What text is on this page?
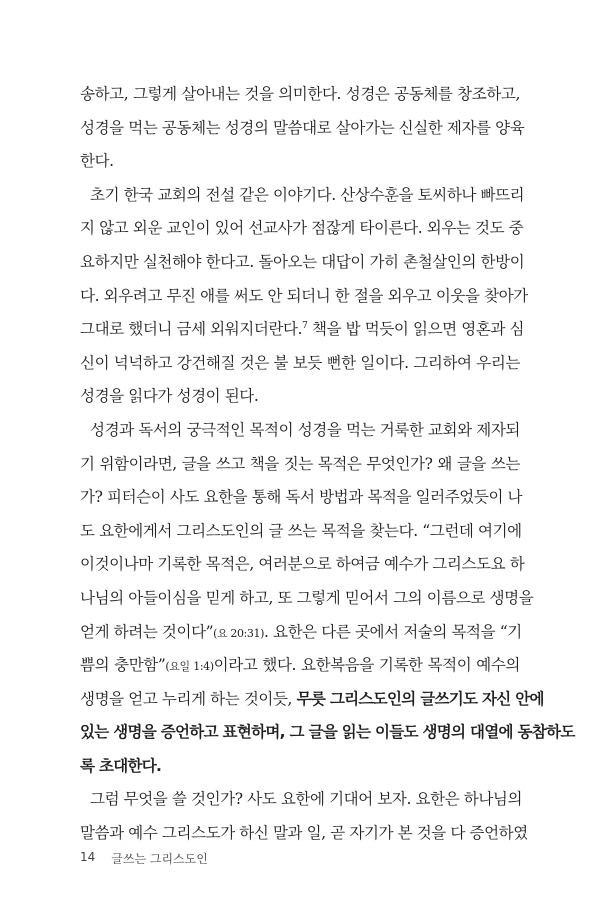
송하고, 그렇게 살아내는 것을 의미한다. 성경은 공동체를 창조하고,
성경을 먹는 공동체는 성경의 말씀대로 살아가는 신실한 제자를 양육
한다.
초기 한국 교회의 전설 같은 이야기다. 산상수훈을 토씨하나 빠뜨리
지 않고 외운 교인이 있어 선교사가 점잖게 타이른다. 외우는 것도 중
요하지만 실천해야 한다고. 돌아오는 대답이 가히 촌철살인의 한방이
다. 외우려고 무진 애를 써도 안 되더니 한 절을 외우고 이웃을 찾아가
그대로 했더니 금세 외워지더란다.$^7$ 책을 밥 먹듯이 읽으면 영혼과 심
신이 넉넉하고 강건해질 것은 불 보듯 뻔한 일이다. 그리하여 우리는
성경을 읽다가 성경이 된다.
성경과 독서의 궁극적인 목적이 성경을 먹는 거룩한 교회와 제자되
기 위함이라면, 글을 쓰고 책을 짓는 목적은 무엇인가? 왜 글을 쓰는
가? 피터슨이 사도 요한을 통해 독서 방법과 목적을 일러주었듯이 나
도 요한에게서 그리스도인의 글 쓰는 목적을 찾는다. “그런데 여기에
이것이나마 기록한 목적은, 여러분으로 하여금 예수가 그리스도요 하
나님의 아들이심을 믿게 하고, 또 그렇게 믿어서 그의 이름으로 생명을
얻게 하려는 것이다”(요 20:31). 요한은 다른 곳에서 저술의 목적을 “기
쁨의 충만함”(요일 1:4)이라고 했다. 요한복음을 기록한 목적이 예수의
생명을 얻고 누리게 하는 것이듯, 무릇 그리스도인의 글쓰기도 자신 안에
있는 생명을 증언하고 표현하며, 그 글을 읽는 이들도 생명의 대열에 동참하도
록 초대한다.
그럼 무엇을 쓸 것인가? 사도 요한에 기대어 보자. 요한은 하나님의
말씀과 예수 그리스도가 하신 말과 일, 곧 자기가 본 것을 다 증언하였
14 글쓰는 그리스도인
